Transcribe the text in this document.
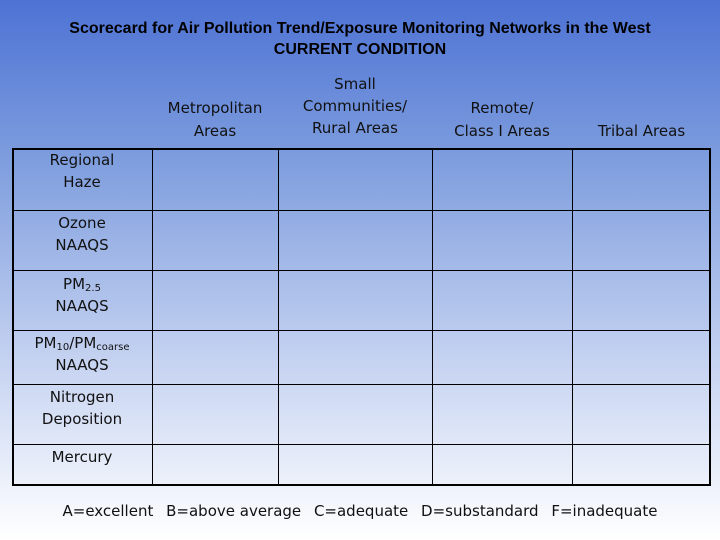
Scorecard for Air Pollution Trend/Exposure Monitoring Networks in the West
CURRENT CONDITION
Metropolitan
Areas
Small
Communities/
Rural Areas
Remote/
Class I Areas	Tribal Areas
Regional
Haze
Ozone
NAAQS
$PM_{2.5}$
NAAQS
$PM_{10}/PM_{coarse}$
NAAQS
Nitrogen
Deposition
Mercury
A=excellent B=above average C=adequate D=substandard F=inadequate
